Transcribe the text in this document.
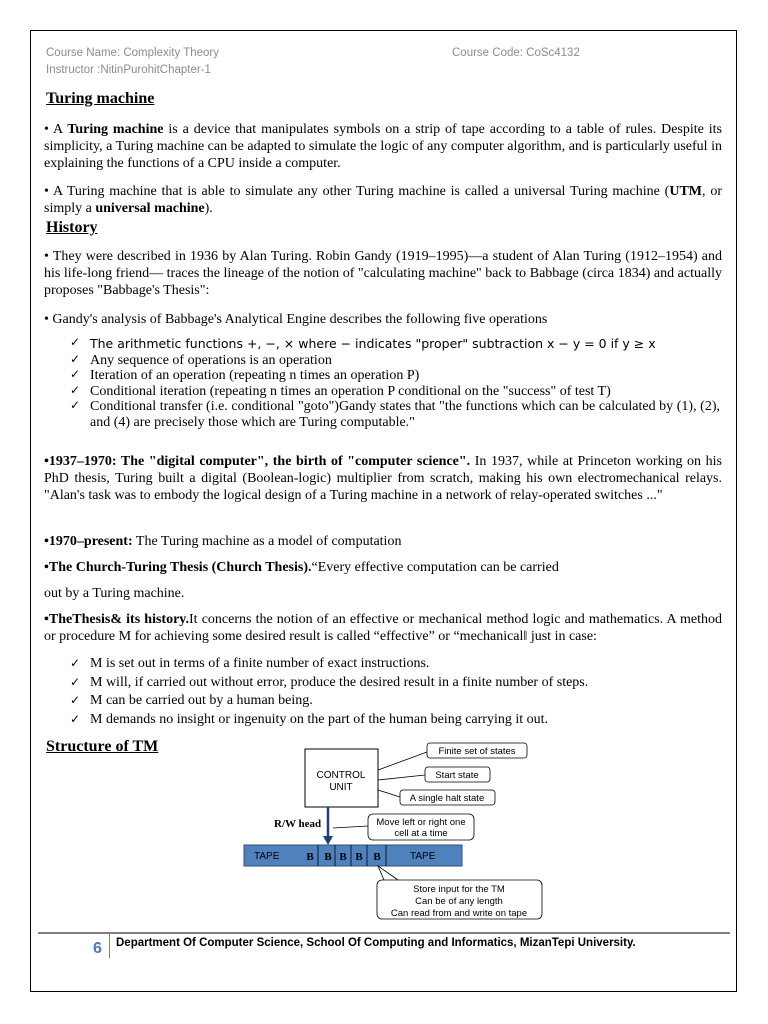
Course Name: Complexity Theory	Course Code: CoSc4132
Instructor :NitinPurohitChapter-1
Turing machine

• A Turing machine is a device that manipulates symbols on a strip of tape according to a table of rules. Despite its simplicity, a Turing machine can be adapted to simulate the logic of any computer algorithm, and is particularly useful in explaining the functions of a CPU inside a computer.

• A Turing machine that is able to simulate any other Turing machine is called a universal Turing machine (UTM, or simply a universal machine).

History

• They were described in 1936 by Alan Turing. Robin Gandy (1919–1995)—a student of Alan Turing (1912–1954) and his life-long friend— traces the lineage of the notion of "calculating machine" back to Babbage (circa 1834) and actually proposes "Babbage's Thesis":

• Gandy's analysis of Babbage's Analytical Engine describes the following five operations

✓ The arithmetic functions +, −, × where − indicates "proper" subtraction x − y = 0 if y ≥ x
✓ Any sequence of operations is an operation
✓ Iteration of an operation (repeating n times an operation P)
✓ Conditional iteration (repeating n times an operation P conditional on the "success" of test T)
✓ Conditional transfer (i.e. conditional "goto")Gandy states that "the functions which can be calculated by (1), (2), and (4) are precisely those which are Turing computable."

•1937–1970: The "digital computer", the birth of "computer science". In 1937, while at Princeton working on his PhD thesis, Turing built a digital (Boolean-logic) multiplier from scratch, making his own electromechanical relays. "Alan's task was to embody the logical design of a Turing machine in a network of relay-operated switches ..."

•1970–present: The Turing machine as a model of computation

•The Church-Turing Thesis (Church Thesis).“Every effective computation can be carried

out by a Turing machine.

•TheThesis& its history.It concerns the notion of an effective or mechanical method logic and mathematics. A method or procedure M for achieving some desired result is called “effective” or “mechanical‖ just in case:

✓ M is set out in terms of a finite number of exact instructions.
✓ M will, if carried out without error, produce the desired result in a finite number of steps.
✓ M can be carried out by a human being.
✓ M demands no insight or ingenuity on the part of the human being carrying it out.
Structure of TM
CONTROL
UNIT
Finite set of states
Start state
A single halt state
R/W head	Move left or right one
cell at a time
TAPE	TAPE
B B B B B
Store input for the TM
Can be of any length
Can read from and write on tape
6 Department Of Computer Science, School Of Computing and Informatics, MizanTepi University.
